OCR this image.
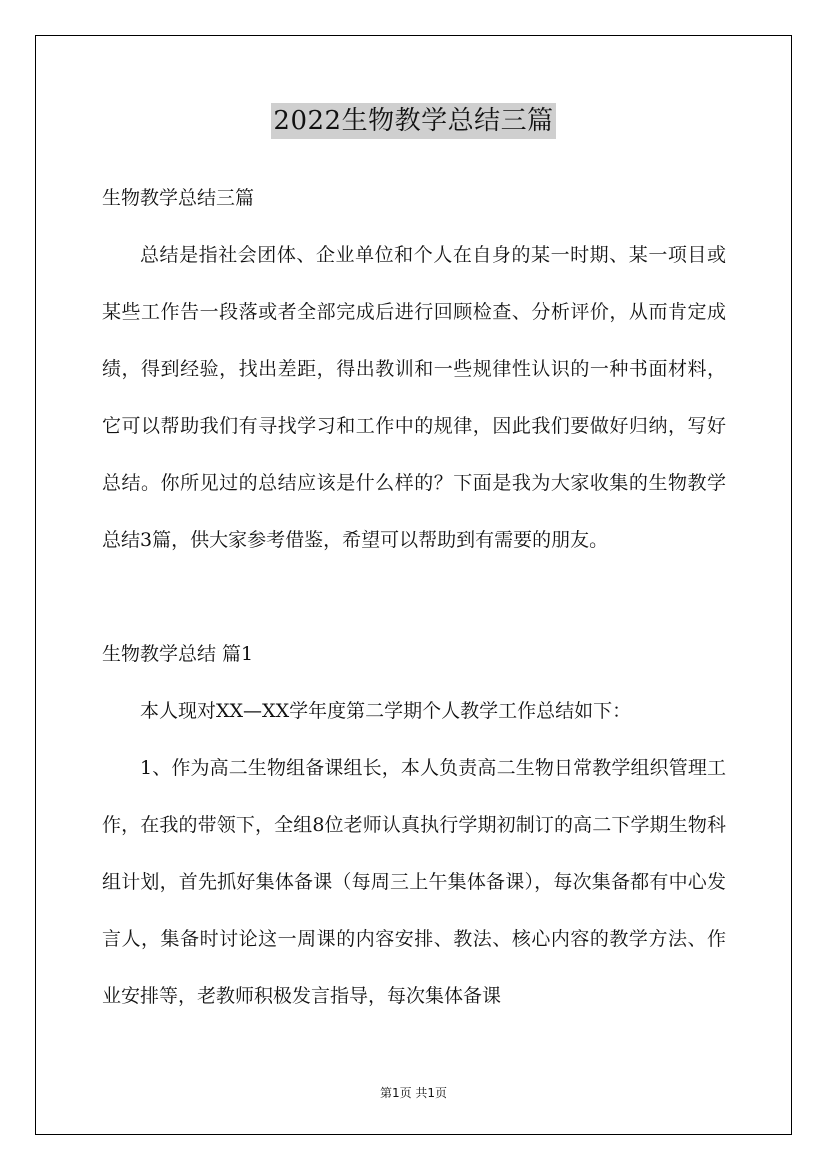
2022生物教学总结三篇

生物教学总结三篇

总结是指社会团体、企业单位和个人在自身的某一时期、某一项目或某些工作告一段落或者全部完成后进行回顾检查、分析评价，从而肯定成绩，得到经验，找出差距，得出教训和一些规律性认识的一种书面材料，它可以帮助我们有寻找学习和工作中的规律，因此我们要做好归纳，写好总结。你所见过的总结应该是什么样的？下面是我为大家收集的生物教学总结3篇，供大家参考借鉴，希望可以帮助到有需要的朋友。

生物教学总结 篇1

本人现对XX—XX学年度第二学期个人教学工作总结如下：

1、作为高二生物组备课组长，本人负责高二生物日常教学组织管理工作，在我的带领下，全组8位老师认真执行学期初制订的高二下学期生物科组计划，首先抓好集体备课（每周三上午集体备课），每次集备都有中心发言人，集备时讨论这一周课的内容安排、教法、核心内容的教学方法、作业安排等，老教师积极发言指导，每次集体备课

第1页 共1页
